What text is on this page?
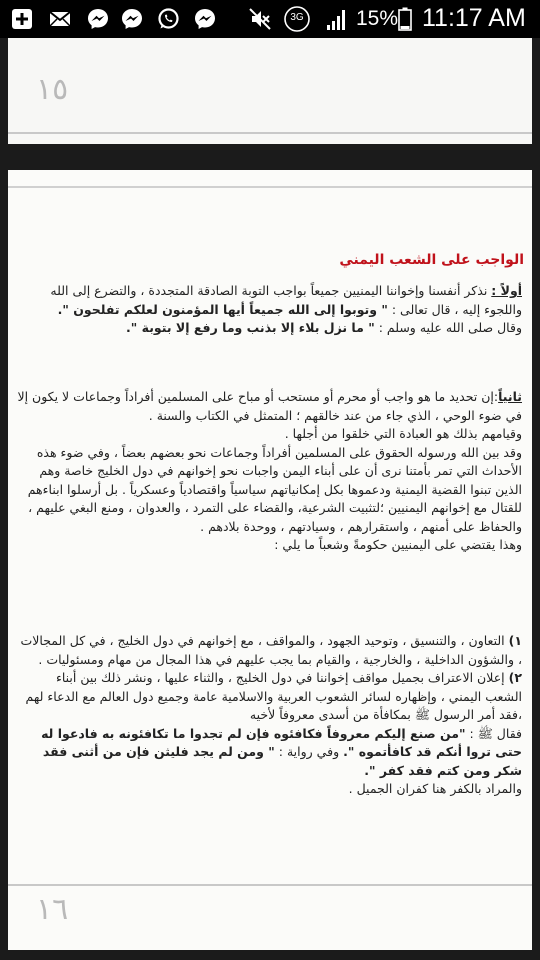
3G	15% 11:17 AM
١٥
الواجب على الشعب اليمني

أولاً : نذكر أنفسنا وإخواننا اليمنيين جميعاً بواجب التوبة الصادقة المتجددة ، والتضرع إلى الله واللجوء إليه ، قال تعالى : " وتوبوا إلى الله جميعاً أيها المؤمنون لعلكم تفلحون ".

وقال صلى الله عليه وسلم : " ما نزل بلاء إلا بذنب وما رفع إلا بتوبة ".

ثانياً:إن تحديد ما هو واجب أو محرم أو مستحب أو مباح على المسلمين أفراداً وجماعات لا يكون إلا في ضوء الوحي ، الذي جاء من عند خالقهم ؛ المتمثل في الكتاب والسنة .

وقيامهم بذلك هو العبادة التي خلقوا من أجلها .

وقد بين الله ورسوله الحقوق على المسلمين أفراداً وجماعات نحو بعضهم بعضاً ، وفي ضوء هذه الأحداث التي تمر بأمتنا نرى أن على أبناء اليمن واجبات نحو إخوانهم في دول الخليج خاصة وهم الذين تبنوا القضية اليمنية ودعموها بكل إمكانياتهم سياسياً واقتصادياً وعسكرياً . بل أرسلوا ابناءهم للقتال مع إخوانهم اليمنيين ؛لتثبيت الشرعية، والقضاء على التمرد ، والعدوان ، ومنع البغي عليهم ، والحفاظ على أمنهم ، واستقرارهم ، وسيادتهم ، ووحدة بلادهم .

وهذا يقتضي على اليمنيين حكومةً وشعباً ما يلي :

١)التعاون ، والتنسيق ، وتوحيد الجهود ، والمواقف ، مع إخوانهم في دول الخليج ، في كل المجالات ، والشؤون الداخلية ، والخارجية ، والقيام بما يجب عليهم في هذا المجال من مهام ومسئوليات .

٢)إعلان الاعتراف بجميل مواقف إخواننا في دول الخليج ، والثناء عليها ، ونشر ذلك بين أبناء الشعب اليمني ، وإظهاره لسائر الشعوب العربية والاسلامية عامة وجميع دول العالم مع الدعاء لهم ،فقد أمر الرسول ﷺ بمكافأة من أسدى معروفاً لأخيه

فقال ﷺ : "من صنع إليكم معروفاً فكافئوه فإن لم تجدوا ما تكافئونه به فادعوا له حتى تروا أنكم قد كافأتموه ". وفي رواية : " ومن لم يجد فليثن فإن من أثنى فقد شكر ومن كتم فقد كفر ".

والمراد بالكفر هنا كفران الجميل .

١٦
